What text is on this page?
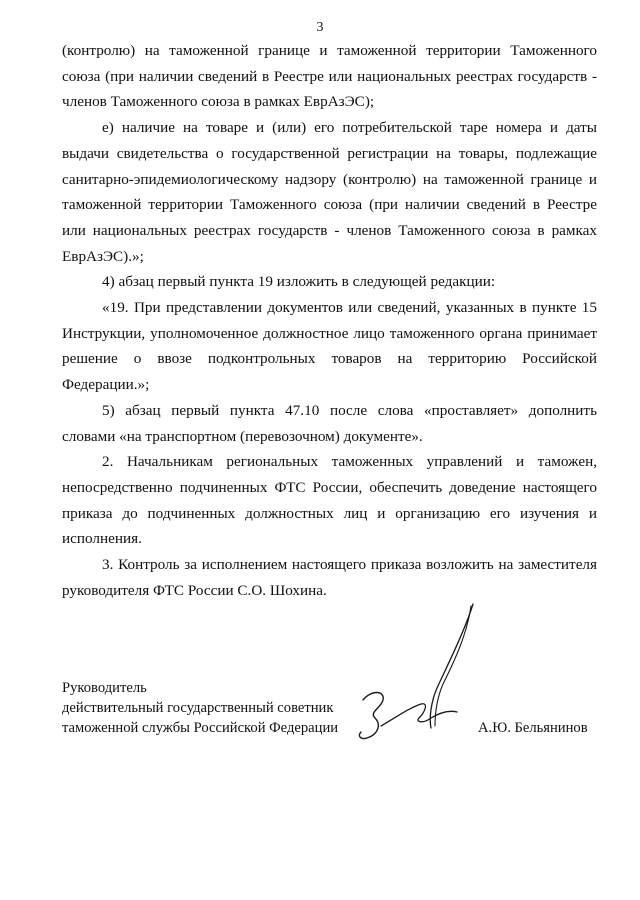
3

(контролю) на таможенной границе и таможенной территории Таможенного союза (при наличии сведений в Реестре или национальных реестрах государств - членов Таможенного союза в рамках ЕврАзЭС);

е) наличие на товаре и (или) его потребительской таре номера и даты выдачи свидетельства о государственной регистрации на товары, подлежащие санитарно-эпидемиологическому надзору (контролю) на таможенной границе и таможенной территории Таможенного союза (при наличии сведений в Реестре или национальных реестрах государств - членов Таможенного союза в рамках ЕврАзЭС).»;

4) абзац первый пункта 19 изложить в следующей редакции:

«19. При представлении документов или сведений, указанных в пункте 15 Инструкции, уполномоченное должностное лицо таможенного органа принимает решение о ввозе подконтрольных товаров на территорию Российской Федерации.»;

5) абзац первый пункта 47.10 после слова «проставляет» дополнить словами «на транспортном (перевозочном) документе».

2. Начальникам региональных таможенных управлений и таможен, непосредственно подчиненных ФТС России, обеспечить доведение настоящего приказа до подчиненных должностных лиц и организацию его изучения и исполнения.

3. Контроль за исполнением настоящего приказа возложить на заместителя руководителя ФТС России С.О. Шохина.

Руководитель
действительный государственный советник
таможенной службы Российской Федерации	А.Ю. Бельянинов
